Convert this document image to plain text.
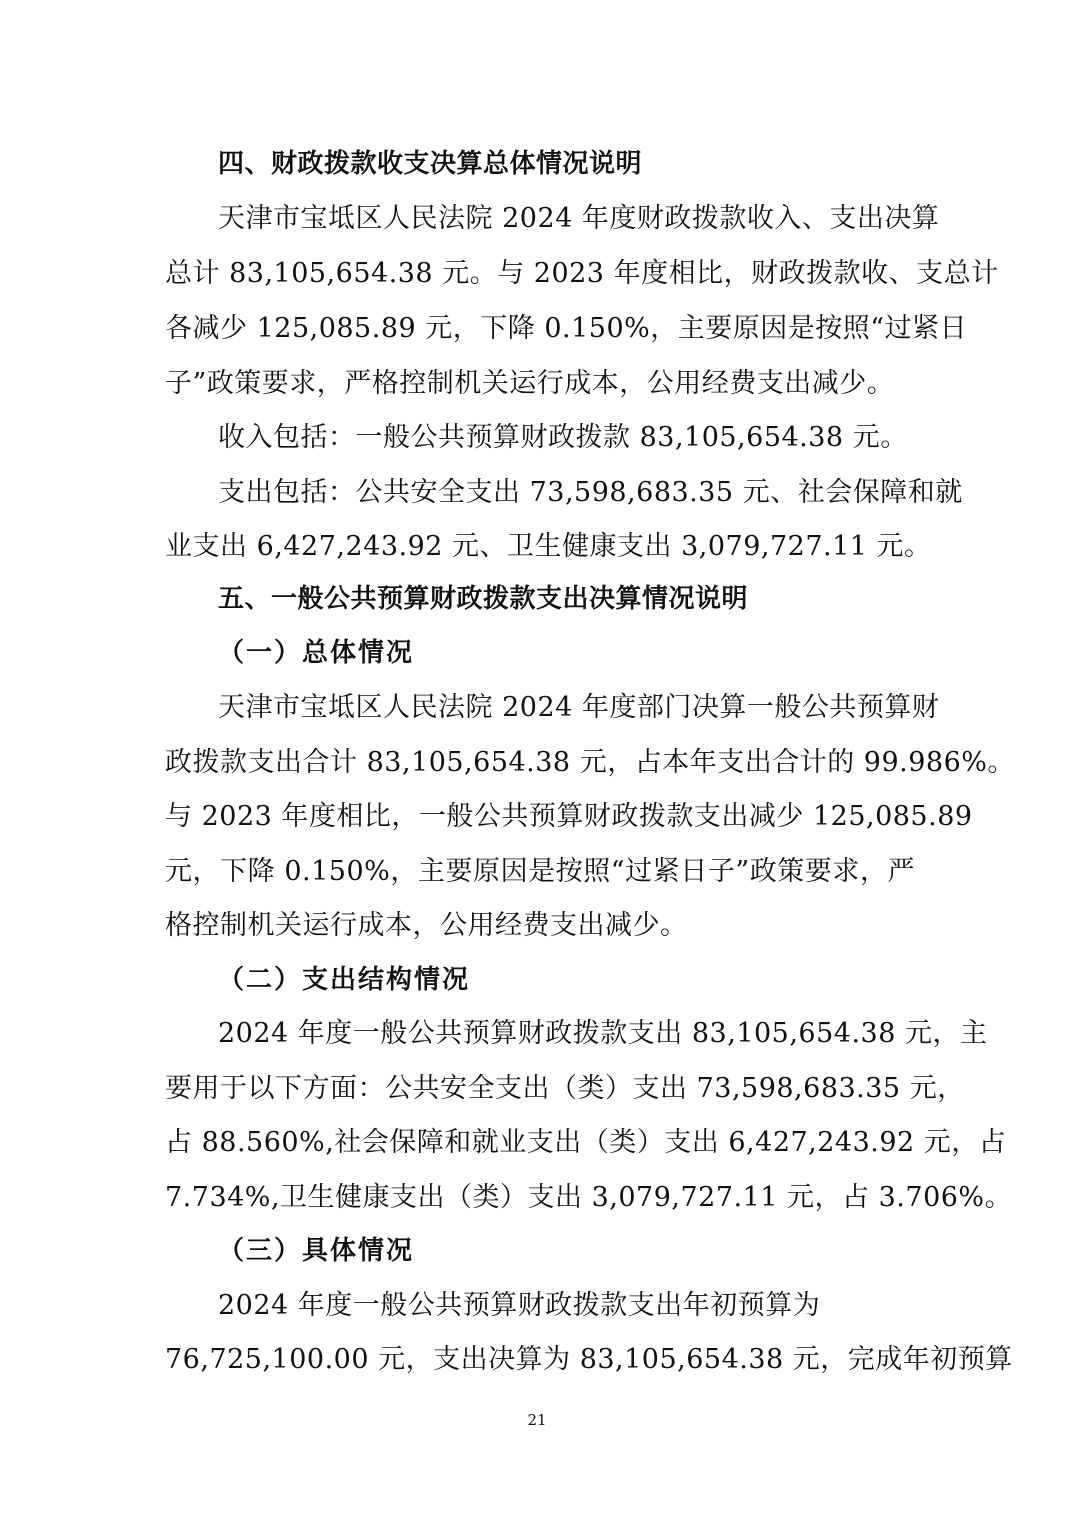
四、财政拨款收支决算总体情况说明
天津市宝坻区人民法院 2024 年度财政拨款收入、支出决算
总计 83,105,654.38 元。与 2023 年度相比，财政拨款收、支总计
各减少 125,085.89 元，下降 0.150%，主要原因是按照“过紧日
子”政策要求，严格控制机关运行成本，公用经费支出减少。
收入包括：一般公共预算财政拨款 83,105,654.38 元。
支出包括：公共安全支出 73,598,683.35 元、社会保障和就
业支出 6,427,243.92 元、卫生健康支出 3,079,727.11 元。
五、一般公共预算财政拨款支出决算情况说明
（一）总体情况
天津市宝坻区人民法院 2024 年度部门决算一般公共预算财
政拨款支出合计 83,105,654.38 元，占本年支出合计的 99.986%。
与 2023 年度相比，一般公共预算财政拨款支出减少 125,085.89
元，下降 0.150%，主要原因是按照“过紧日子”政策要求，严
格控制机关运行成本，公用经费支出减少。
（二）支出结构情况
2024 年度一般公共预算财政拨款支出 83,105,654.38 元，主
要用于以下方面：公共安全支出（类）支出 73,598,683.35 元，
占 88.560%,社会保障和就业支出（类）支出 6,427,243.92 元，占
7.734%,卫生健康支出（类）支出 3,079,727.11 元，占 3.706%。
（三）具体情况
2024 年度一般公共预算财政拨款支出年初预算为
76,725,100.00 元，支出决算为 83,105,654.38 元，完成年初预算
21
